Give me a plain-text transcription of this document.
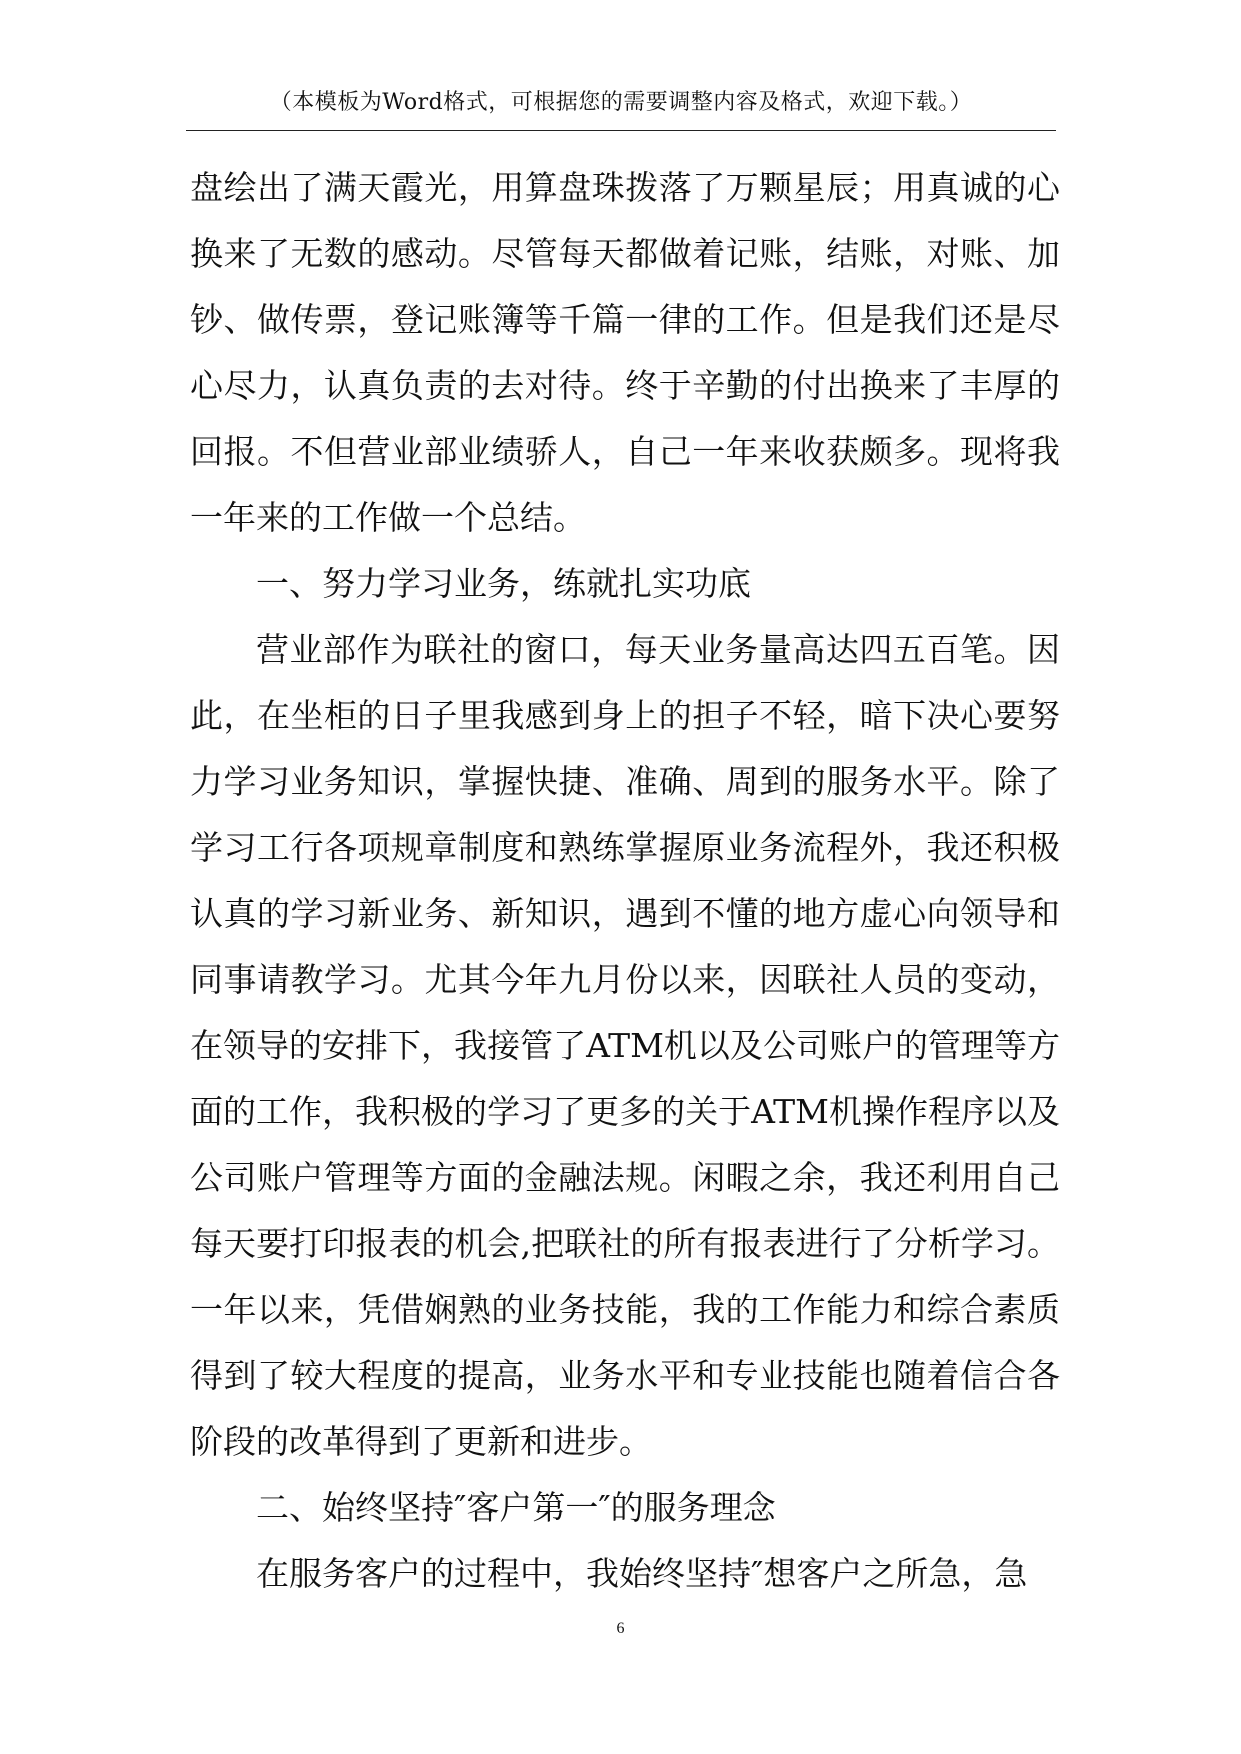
（本模板为Word格式，可根据您的需要调整内容及格式，欢迎下载。）
盘绘出了满天霞光，用算盘珠拨落了万颗星辰；用真诚的心
换来了无数的感动。尽管每天都做着记账，结账，对账、加
钞、做传票，登记账簿等千篇一律的工作。但是我们还是尽
心尽力，认真负责的去对待。终于辛勤的付出换来了丰厚的
回报。不但营业部业绩骄人，自己一年来收获颇多。现将我
一年来的工作做一个总结。
一、努力学习业务，练就扎实功底
营业部作为联社的窗口，每天业务量高达四五百笔。因
此，在坐柜的日子里我感到身上的担子不轻，暗下决心要努
力学习业务知识，掌握快捷、准确、周到的服务水平。除了
学习工行各项规章制度和熟练掌握原业务流程外，我还积极
认真的学习新业务、新知识，遇到不懂的地方虚心向领导和
同事请教学习。尤其今年九月份以来，因联社人员的变动，
在领导的安排下，我接管了ATM机以及公司账户的管理等方
面的工作，我积极的学习了更多的关于ATM机操作程序以及
公司账户管理等方面的金融法规。闲暇之余，我还利用自己
每天要打印报表的机会,把联社的所有报表进行了分析学习。
一年以来，凭借娴熟的业务技能，我的工作能力和综合素质
得到了较大程度的提高，业务水平和专业技能也随着信合各
阶段的改革得到了更新和进步。
二、始终坚持″客户第一″的服务理念
在服务客户的过程中，我始终坚持″想客户之所急，急
6
